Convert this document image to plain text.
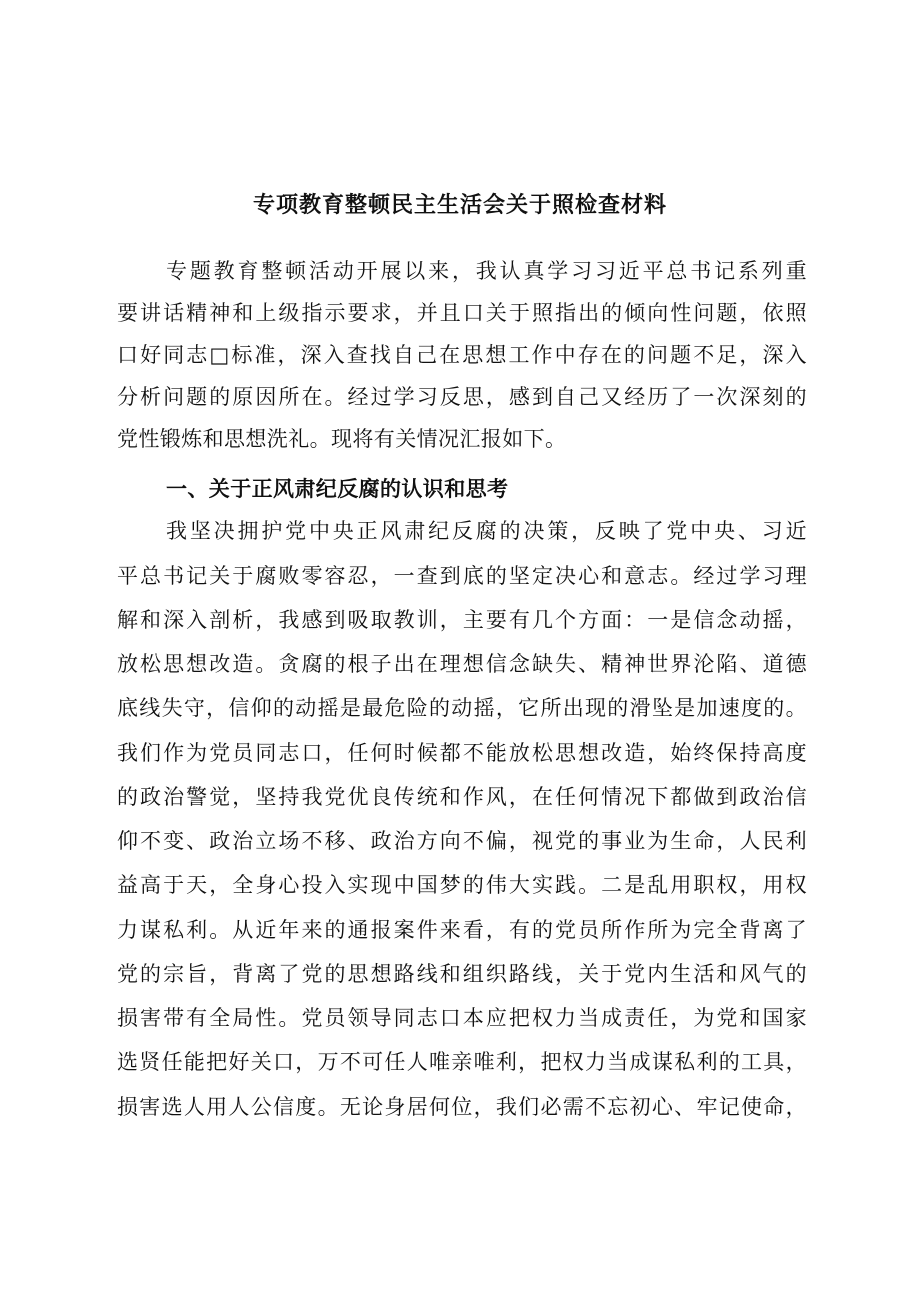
专项教育整顿民主生活会关于照检查材料
专题教育整顿活动开展以来，我认真学习习近平总书记系列重
要讲话精神和上级指示要求，并且口关于照指出的倾向性问题，依照
口好同志□标准，深入查找自己在思想工作中存在的问题不足，深入
分析问题的原因所在。经过学习反思，感到自己又经历了一次深刻的
党性锻炼和思想洗礼。现将有关情况汇报如下。
一、关于正风肃纪反腐的认识和思考
我坚决拥护党中央正风肃纪反腐的决策，反映了党中央、习近
平总书记关于腐败零容忍，一查到底的坚定决心和意志。经过学习理
解和深入剖析，我感到吸取教训，主要有几个方面：一是信念动摇，
放松思想改造。贪腐的根子出在理想信念缺失、精神世界沦陷、道德
底线失守，信仰的动摇是最危险的动摇，它所出现的滑坠是加速度的。
我们作为党员同志口，任何时候都不能放松思想改造，始终保持高度
的政治警觉，坚持我党优良传统和作风，在任何情况下都做到政治信
仰不变、政治立场不移、政治方向不偏，视党的事业为生命，人民利
益高于天，全身心投入实现中国梦的伟大实践。二是乱用职权，用权
力谋私利。从近年来的通报案件来看，有的党员所作所为完全背离了
党的宗旨，背离了党的思想路线和组织路线，关于党内生活和风气的
损害带有全局性。党员领导同志口本应把权力当成责任，为党和国家
选贤任能把好关口，万不可任人唯亲唯利，把权力当成谋私利的工具，
损害选人用人公信度。无论身居何位，我们必需不忘初心、牢记使命，
